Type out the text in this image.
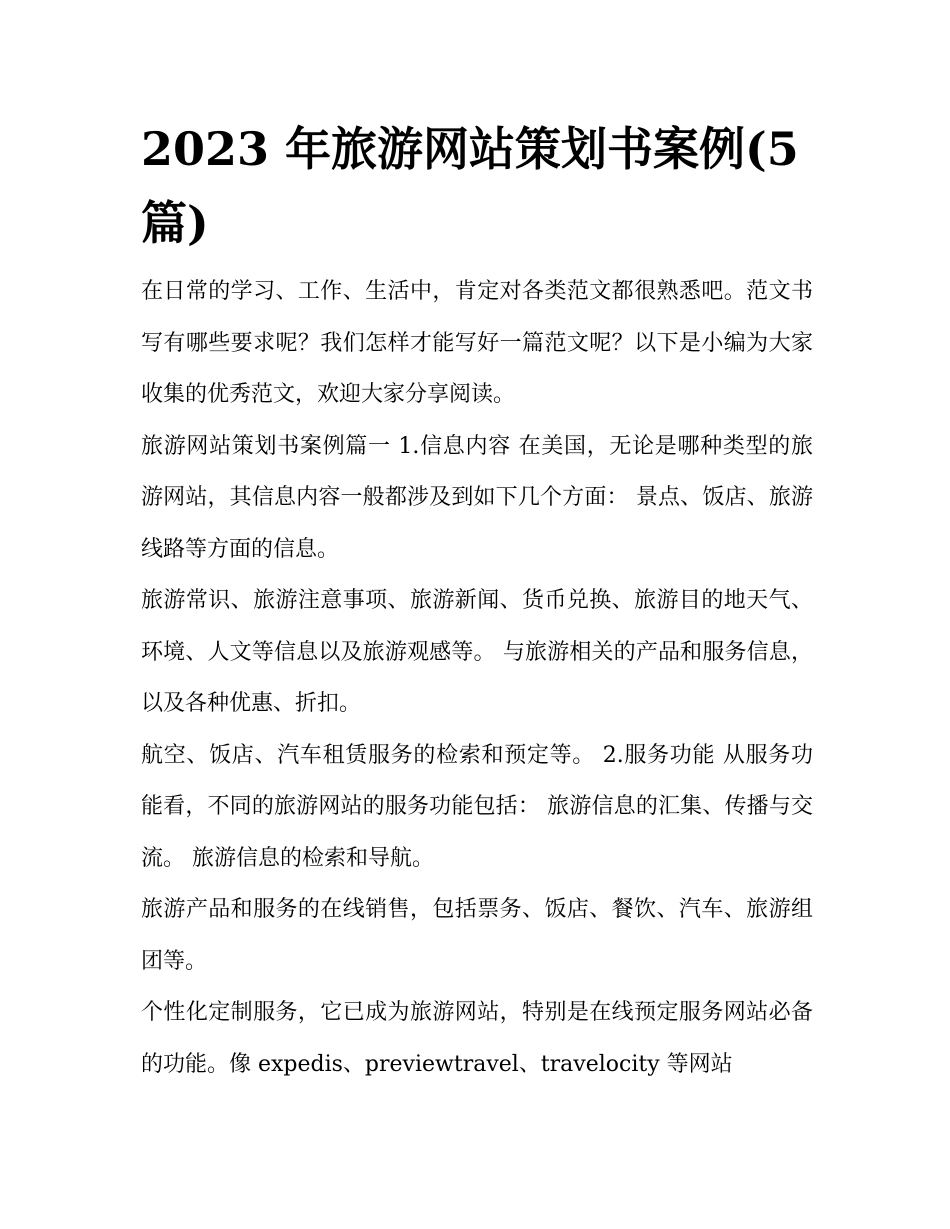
2023 年旅游网站策划书案例(5
篇)

在日常的学习、工作、生活中，肯定对各类范文都很熟悉吧。范文书写有哪些要求呢？我们怎样才能写好一篇范文呢？以下是小编为大家收集的优秀范文，欢迎大家分享阅读。

旅游网站策划书案例篇一 1.信息内容 在美国，无论是哪种类型的旅游网站，其信息内容一般都涉及到如下几个方面： 景点、饭店、旅游线路等方面的信息。

旅游常识、旅游注意事项、旅游新闻、货币兑换、旅游目的地天气、环境、人文等信息以及旅游观感等。 与旅游相关的产品和服务信息，以及各种优惠、折扣。

航空、饭店、汽车租赁服务的检索和预定等。 2.服务功能 从服务功能看，不同的旅游网站的服务功能包括： 旅游信息的汇集、传播与交流。 旅游信息的检索和导航。

旅游产品和服务的在线销售，包括票务、饭店、餐饮、汽车、旅游组团等。

个性化定制服务，它已成为旅游网站，特别是在线预定服务网站必备的功能。像 expedis、previewtravel、travelocity 等网站
